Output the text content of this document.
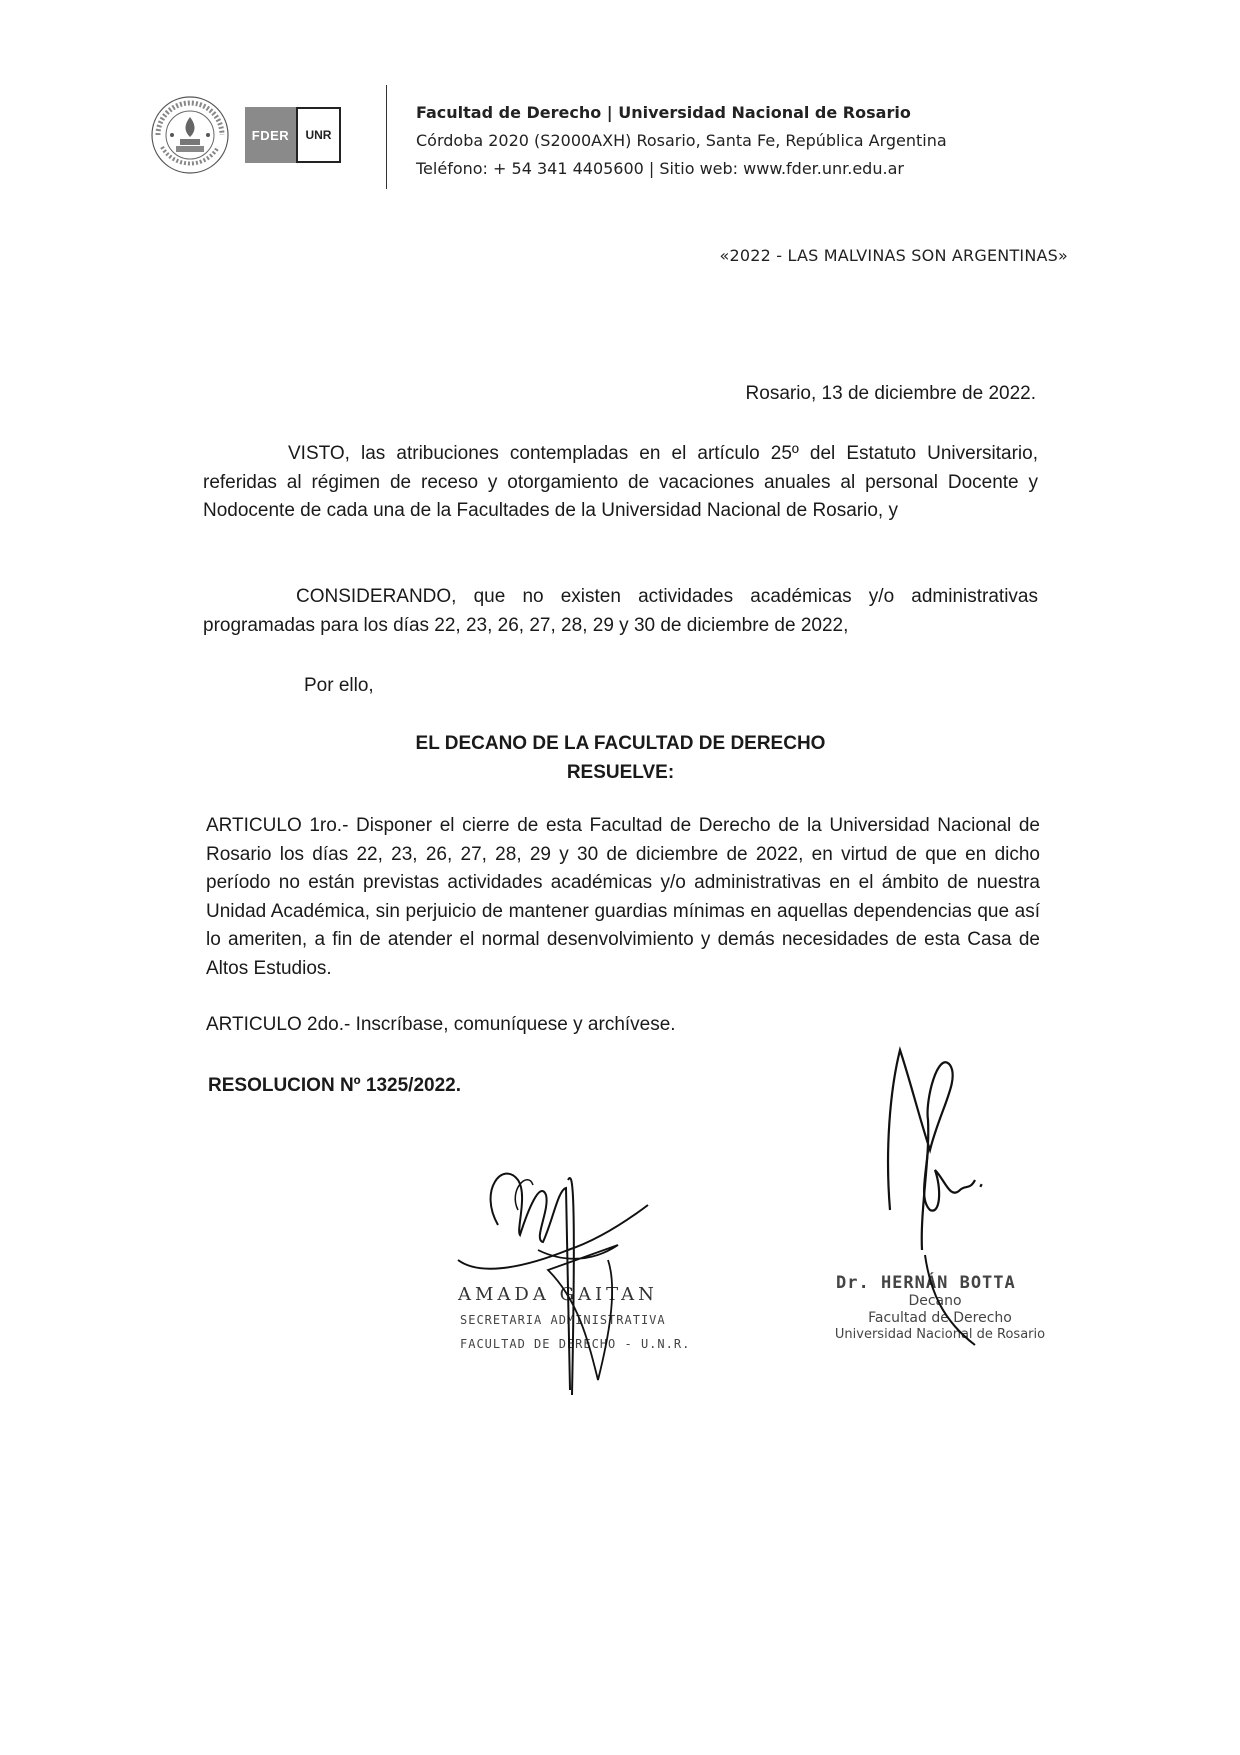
FDER	UNR
Facultad de Derecho | Universidad Nacional de Rosario
Córdoba 2020 (S2000AXH) Rosario, Santa Fe, República Argentina
Teléfono: + 54 341 4405600 | Sitio web: www.fder.unr.edu.ar
«2022 - LAS MALVINAS SON ARGENTINAS»
Rosario, 13 de diciembre de 2022.
VISTO, las atribuciones contempladas en el artículo 25º del Estatuto Universitario, referidas al régimen de receso y otorgamiento de vacaciones anuales al personal Docente y Nodocente de cada una de la Facultades de la Universidad Nacional de Rosario, y
CONSIDERANDO, que no existen actividades académicas y/o administrativas programadas para los días 22, 23, 26, 27, 28, 29 y 30 de diciembre de 2022,
Por ello,
EL DECANO DE LA FACULTAD DE DERECHO
RESUELVE:
ARTICULO 1ro.- Disponer el cierre de esta Facultad de Derecho de la Universidad Nacional de Rosario los días 22, 23, 26, 27, 28, 29 y 30 de diciembre de 2022, en virtud de que en dicho período no están previstas actividades académicas y/o administrativas en el ámbito de nuestra Unidad Académica, sin perjuicio de mantener guardias mínimas en aquellas dependencias que así lo ameriten, a fin de atender el normal desenvolvimiento y demás necesidades de esta Casa de Altos Estudios.
ARTICULO 2do.- Inscríbase, comuníquese y archívese.
RESOLUCION Nº 1325/2022.
AMADA GAITAN
SECRETARIA ADMINISTRATIVA
FACULTAD DE DERECHO - U.N.R.
Dr. HERNÁN BOTTA
Decano
Facultad de Derecho
Universidad Nacional de Rosario
